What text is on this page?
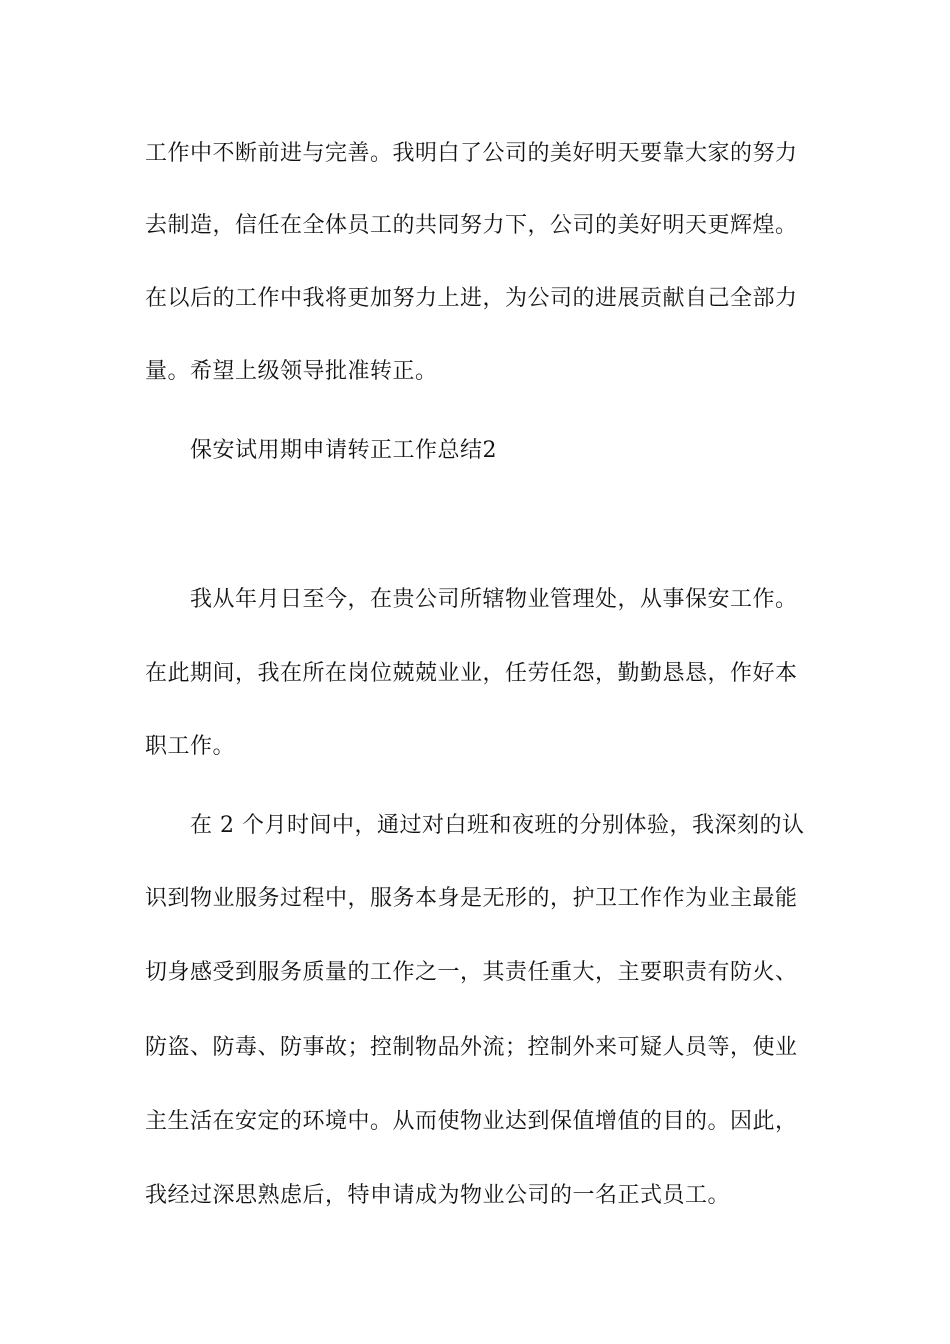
工作中不断前进与完善。我明白了公司的美好明天要靠大家的努力
去制造，信任在全体员工的共同努力下，公司的美好明天更辉煌。
在以后的工作中我将更加努力上进，为公司的进展贡献自己全部力
量。希望上级领导批准转正。
保安试用期申请转正工作总结2
我从年月日至今，在贵公司所辖物业管理处，从事保安工作。
在此期间，我在所在岗位兢兢业业，任劳任怨，勤勤恳恳，作好本
职工作。
在 2 个月时间中，通过对白班和夜班的分别体验，我深刻的认
识到物业服务过程中，服务本身是无形的，护卫工作作为业主最能
切身感受到服务质量的工作之一，其责任重大，主要职责有防火、
防盗、防毒、防事故；控制物品外流；控制外来可疑人员等，使业
主生活在安定的环境中。从而使物业达到保值增值的目的。因此，
我经过深思熟虑后，特申请成为物业公司的一名正式员工。
